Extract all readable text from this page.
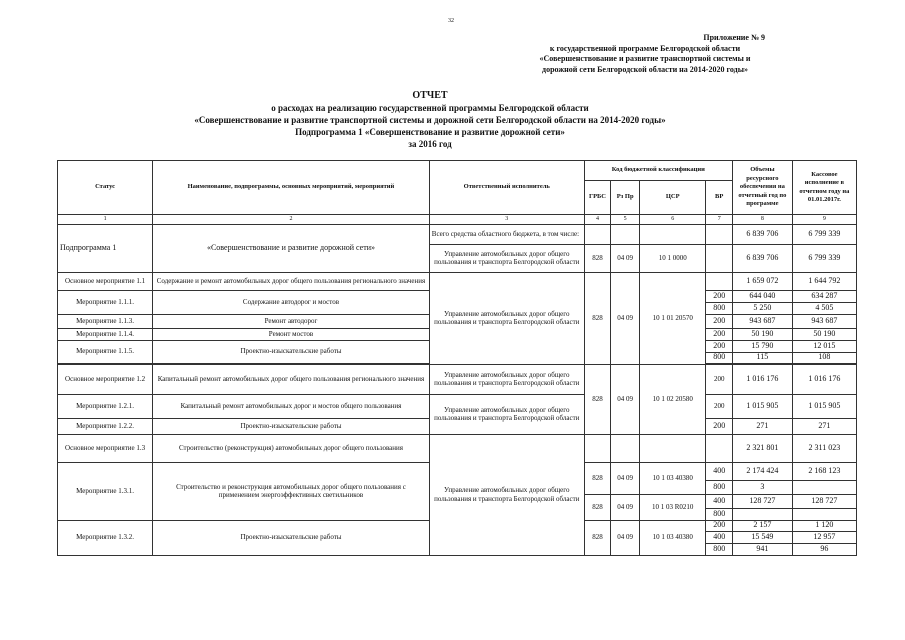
32
Приложение № 9
к государственной программе Белгородской области
«Совершенствование и развитие транспортной системы и
дорожной сети Белгородской области на 2014-2020 годы»
ОТЧЕТ
о расходах на реализацию государственной программы Белгородской области
«Совершенствование и развитие транспортной системы и дорожной сети Белгородской области на 2014-2020 годы»
Подпрограмма 1 «Совершенствование и развитие дорожной сети»
за 2016 год
Статус	Наименование, подпрограммы, основных мероприятий, мероприятий	Ответственный исполнитель	Код бюджетной классификации				Объемы ресурсного обеспечения на отчетный год по программе	Кассовое исполнение в отчетном году на 01.01.2017г.
			ГРБС	Рз Пр	ЦСР	ВР		
1	2	3	4	5	6	7	8	9
Подпрограмма 1	«Совершенствование и развитие дорожной сети»	Всего средства областного бюджета, в том числе:					6 839 706	6 799 339
		Управление автомобильных дорог общего пользования и транспорта Белгородской области	828	04 09	10 1 0000		6 839 706	6 799 339
Основное мероприятие 1.1	Содержание и ремонт автомобильных дорог общего пользования регионального значения	Управление автомобильных дорог общего пользования и транспорта Белгородской области	828	04 09	10 1 01 20570		1 659 072	1 644 792
Мероприятие 1.1.1.	Содержание автодорог и мостов					200	644 040	634 287
						800	5 250	4 505
Мероприятие 1.1.3.	Ремонт автодорог					200	943 687	943 687
Мероприятие 1.1.4.	Ремонт мостов					200	50 190	50 190
Мероприятие 1.1.5.	Проектно-изыскательские работы					200	15 790	12 015
						800	115	108

Основное мероприятие 1.2	Капитальный ремонт автомобильных дорог общего пользования регионального значения	Управление автомобильных дорог общего пользования и транспорта Белгородской области	828	04 09	10 1 02 20580	200	1 016 176	1 016 176
Мероприятие 1.2.1.	Капитальный ремонт автомобильных дорог и мостов общего пользования	Управление автомобильных дорог общего пользования и транспорта Белгородской области				200	1 015 905	1 015 905
Мероприятие 1.2.2.	Проектно-изыскательские работы					200	271	271
Основное мероприятие 1.3	Строительство (реконструкция) автомобильных дорог общего пользования	Управление автомобильных дорог общего пользования и транспорта Белгородской области					2 321 801	2 311 023
Мероприятие 1.3.1.	Строительство и реконструкция автомобильных дорог общего пользования с применением энергоэффективных светильников		828	04 09	10 1 03 40380	400	2 174 424	2 168 123
						800	3	
			828	04 09	10 1 03 R0210	400	128 727	128 727
						800		
Мероприятие 1.3.2.	Проектно-изыскательские работы		828	04 09	10 1 03 40380	200	2 157	1 120
						400	15 549	12 957
						800	941	96
